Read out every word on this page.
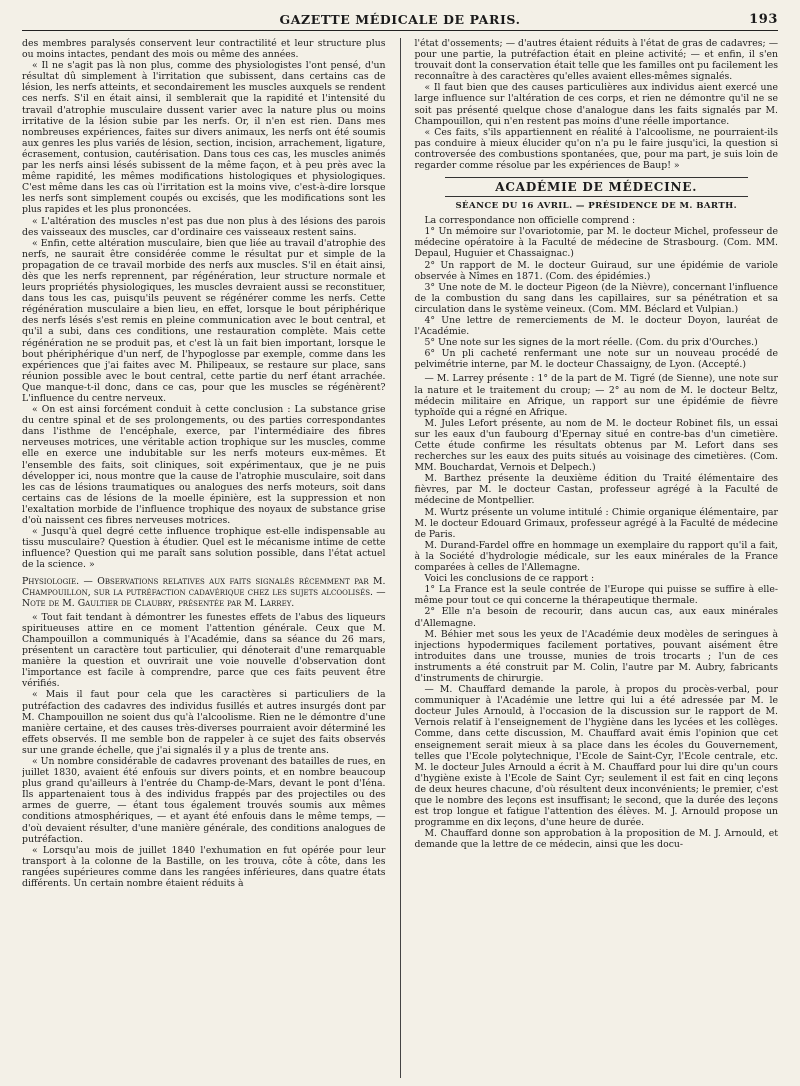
GAZETTE MÉDICALE DE PARIS.	193

des membres paralysés conservent leur contractilité et leur structure plus ou moins intactes, pendant des mois ou même des années.

« Il ne s'agit pas là non plus, comme des physiologistes l'ont pensé, d'un résultat dû simplement à l'irritation que subissent, dans certains cas de lésion, les nerfs atteints, et secondairement les muscles auxquels se rendent ces nerfs. S'il en était ainsi, il semblerait que la rapidité et l'intensité du travail d'atrophie musculaire dussent varier avec la nature plus ou moins irritative de la lésion subie par les nerfs. Or, il n'en est rien. Dans mes nombreuses expériences, faites sur divers animaux, les nerfs ont été soumis aux genres les plus variés de lésion, section, incision, arrachement, ligature, écrasement, contusion, cautérisation. Dans tous ces cas, les muscles animés par les nerfs ainsi lésés subissent de la même façon, et à peu près avec la même rapidité, les mêmes modifications histologiques et physiologiques. C'est même dans les cas où l'irritation est la moins vive, c'est-à-dire lorsque les nerfs sont simplement coupés ou excisés, que les modifications sont les plus rapides et les plus prononcées.

« L'altération des muscles n'est pas due non plus à des lésions des parois des vaisseaux des muscles, car d'ordinaire ces vaisseaux restent sains.

« Enfin, cette altération musculaire, bien que liée au travail d'atrophie des nerfs, ne saurait être considérée comme le résultat pur et simple de la propagation de ce travail morbide des nerfs aux muscles. S'il en était ainsi, dès que les nerfs reprennent, par régénération, leur structure normale et leurs propriétés physiologiques, les muscles devraient aussi se reconstituer, dans tous les cas, puisqu'ils peuvent se régénérer comme les nerfs. Cette régénération musculaire a bien lieu, en effet, lorsque le bout périphérique des nerfs lésés s'est remis en pleine communication avec le bout central, et qu'il a subi, dans ces conditions, une restauration complète. Mais cette régénération ne se produit pas, et c'est là un fait bien important, lorsque le bout phériphérique d'un nerf, de l'hypoglosse par exemple, comme dans les expériences que j'ai faites avec M. Philipeaux, se restaure sur place, sans réunion possible avec le bout central, cette partie du nerf étant arrachée. Que manque-t-il donc, dans ce cas, pour que les muscles se régénèrent? L'influence du centre nerveux.

« On est ainsi forcément conduit à cette conclusion : La substance grise du centre spinal et de ses prolongements, ou des parties correspondantes dans l'isthme de l'encéphale, exerce, par l'intermédiaire des fibres nerveuses motrices, une véritable action trophique sur les muscles, comme elle en exerce une indubitable sur les nerfs moteurs eux-mêmes. Et l'ensemble des faits, soit cliniques, soit expérimentaux, que je ne puis développer ici, nous montre que la cause de l'atrophie musculaire, soit dans les cas de lésions traumatiques ou analogues des nerfs moteurs, soit dans certains cas de lésions de la moelle épinière, est la suppression et non l'exaltation morbide de l'influence trophique des noyaux de substance grise d'où naissent ces fibres nerveuses motrices.

« Jusqu'à quel degré cette influence trophique est-elle indispensable au tissu musculaire? Question à étudier. Quel est le mécanisme intime de cette influence? Question qui me paraît sans solution possible, dans l'état actuel de la science. »

Physiologie. — Observations relatives aux faits signalés récemment par M. Champouillon, sur la putréfaction cadavérique chez les sujets alcoolisés. — Note de M. Gaultier de Claubry, présentée par M. Larrey.

« Tout fait tendant à démontrer les funestes effets de l'abus des liqueurs spiritueuses attire en ce moment l'attention générale. Ceux que M. Champouillon a communiqués à l'Académie, dans sa séance du 26 mars, présentent un caractère tout particulier, qui dénoterait d'une remarquable manière la question et ouvrirait une voie nouvelle d'observation dont l'importance est facile à comprendre, parce que ces faits peuvent être vérifiés.

« Mais il faut pour cela que les caractères si particuliers de la putréfaction des cadavres des individus fusillés et autres insurgés dont par M. Champouillon ne soient dus qu'à l'alcoolisme. Rien ne le démontre d'une manière certaine, et des causes très-diverses pourraient avoir déterminé les effets observés. Il me semble bon de rappeler à ce sujet des faits observés sur une grande échelle, que j'ai signalés il y a plus de trente ans.

« Un nombre considérable de cadavres provenant des batailles de rues, en juillet 1830, avaient été enfouis sur divers points, et en nombre beaucoup plus grand qu'ailleurs à l'entrée du Champ-de-Mars, devant le pont d'Iéna. Ils appartenaient tous à des individus frappés par des projectiles ou des armes de guerre, — étant tous également trouvés soumis aux mêmes conditions atmosphériques, — et ayant été enfouis dans le même temps, — d'où devaient résulter, d'une manière générale, des conditions analogues de putréfaction.

« Lorsqu'au mois de juillet 1840 l'exhumation en fut opérée pour leur transport à la colonne de la Bastille, on les trouva, côte à côte, dans les rangées supérieures comme dans les rangées inférieures, dans quatre états différents. Un certain nombre étaient réduits à

l'état d'ossements; — d'autres étaient réduits à l'état de gras de cadavres; — pour une partie, la putréfaction était en pleine activité; — et enfin, il s'en trouvait dont la conservation était telle que les familles ont pu facilement les reconnaître à des caractères qu'elles avaient elles-mêmes signalés.

« Il faut bien que des causes particulières aux individus aient exercé une large influence sur l'altération de ces corps, et rien ne démontre qu'il ne se soit pas présenté quelque chose d'analogue dans les faits signalés par M. Champouillon, qui n'en restent pas moins d'une réelle importance.

« Ces faits, s'ils appartiennent en réalité à l'alcoolisme, ne pourraient-ils pas conduire à mieux élucider qu'on n'a pu le faire jusqu'ici, la question si controversée des combustions spontanées, que, pour ma part, je suis loin de regarder comme résolue par les expériences de Baup! »

ACADÉMIE DE MÉDECINE.
SÉANCE DU 16 AVRIL. — PRÉSIDENCE DE M. BARTH.

La correspondance non officielle comprend :

1° Un mémoire sur l'ovariotomie, par M. le docteur Michel, professeur de médecine opératoire à la Faculté de médecine de Strasbourg. (Com. MM. Depaul, Huguier et Chassaignac.)

2° Un rapport de M. le docteur Guiraud, sur une épidémie de variole observée à Nîmes en 1871. (Com. des épidémies.)

3° Une note de M. le docteur Pigeon (de la Nièvre), concernant l'influence de la combustion du sang dans les capillaires, sur sa pénétration et sa circulation dans le système veineux. (Com. MM. Béclard et Vulpian.)

4° Une lettre de remerciements de M. le docteur Doyon, lauréat de l'Académie.

5° Une note sur les signes de la mort réelle. (Com. du prix d'Ourches.)

6° Un pli cacheté renfermant une note sur un nouveau procédé de pelvimétrie interne, par M. le docteur Chassaigny, de Lyon. (Accepté.)

— M. Larrey présente : 1° de la part de M. Tigré (de Sienne), une note sur la nature et le traitement du croup; — 2° au nom de M. le docteur Beltz, médecin militaire en Afrique, un rapport sur une épidémie de fièvre typhoïde qui a régné en Afrique.

M. Jules Lefort présente, au nom de M. le docteur Robinet fils, un essai sur les eaux d'un faubourg d'Epernay situé en contre-bas d'un cimetière. Cette étude confirme les résultats obtenus par M. Lefort dans ses recherches sur les eaux des puits situés au voisinage des cimetières. (Com. MM. Bouchardat, Vernois et Delpech.)

M. Barthez présente la deuxième édition du Traité élémentaire des fièvres, par M. le docteur Castan, professeur agrégé à la Faculté de médecine de Montpellier.

M. Wurtz présente un volume intitulé : Chimie organique élémentaire, par M. le docteur Edouard Grimaux, professeur agrégé à la Faculté de médecine de Paris.

M. Durand-Fardel offre en hommage un exemplaire du rapport qu'il a fait, à la Société d'hydrologie médicale, sur les eaux minérales de la France comparées à celles de l'Allemagne.

Voici les conclusions de ce rapport :

1° La France est la seule contrée de l'Europe qui puisse se suffire à elle-même pour tout ce qui concerne la thérapeutique thermale.

2° Elle n'a besoin de recourir, dans aucun cas, aux eaux minérales d'Allemagne.

M. Béhier met sous les yeux de l'Académie deux modèles de seringues à injections hypodermiques facilement portatives, pouvant aisément être introduites dans une trousse, munies de trois trocarts ; l'un de ces instruments a été construit par M. Colin, l'autre par M. Aubry, fabricants d'instruments de chirurgie.

— M. Chauffard demande la parole, à propos du procès-verbal, pour communiquer à l'Académie une lettre qui lui a été adressée par M. le docteur Jules Arnould, à l'occasion de la discussion sur le rapport de M. Vernois relatif à l'enseignement de l'hygiène dans les lycées et les collèges. Comme, dans cette discussion, M. Chauffard avait émis l'opinion que cet enseignement serait mieux à sa place dans les écoles du Gouvernement, telles que l'Ecole polytechnique, l'Ecole de Saint-Cyr, l'Ecole centrale, etc. M. le docteur Jules Arnould a écrit à M. Chauffard pour lui dire qu'un cours d'hygiène existe à l'Ecole de Saint Cyr; seulement il est fait en cinq leçons de deux heures chacune, d'où résultent deux inconvénients; le premier, c'est que le nombre des leçons est insuffisant; le second, que la durée des leçons est trop longue et fatigue l'attention des élèves. M. J. Arnould propose un programme en dix leçons, d'une heure de durée.

M. Chauffard donne son approbation à la proposition de M. J. Arnould, et demande que la lettre de ce médecin, ainsi que les docu-
